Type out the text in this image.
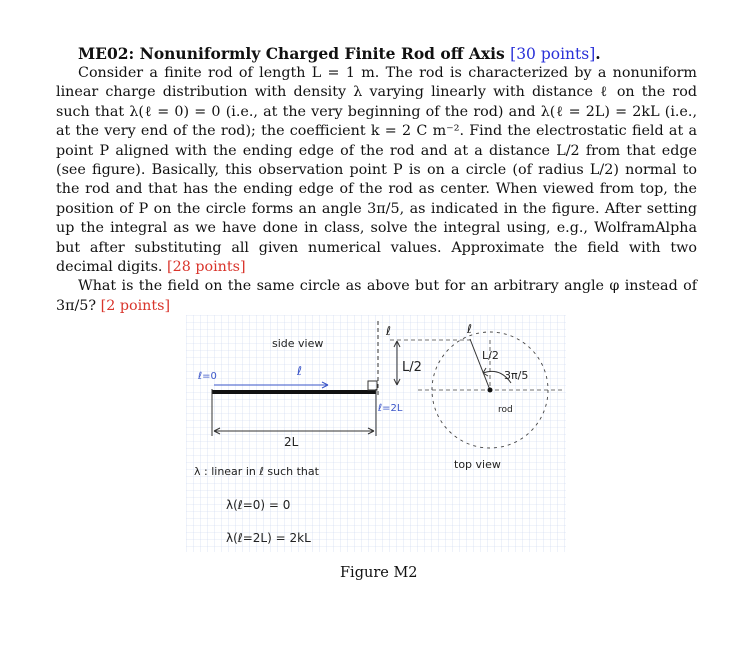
ME02: Nonuniformly Charged Finite Rod off Axis [30 points].

Consider a finite rod of length L = 1 m. The rod is characterized by a nonuniform linear charge distribution with density λ varying linearly with distance ℓ on the rod such that λ(ℓ = 0) = 0 (i.e., at the very beginning of the rod) and λ(ℓ = 2L) = 2kL (i.e., at the very end of the rod); the coefficient k = 2 C m⁻². Find the electrostatic field at a point P aligned with the ending edge of the rod and at a distance L/2 from that edge (see figure). Basically, this observation point P is on a circle (of radius L/2) normal to the rod and that has the ending edge of the rod as center. When viewed from top, the position of P on the circle forms an angle 3π/5, as indicated in the figure. After setting up the integral as we have done in class, solve the integral using, e.g., WolframAlpha but after substituting all given numerical values. Approximate the field with two decimal digits. [28 points]

What is the field on the same circle as above but for an arbitrary angle φ instead of 3π/5? [2 points]

side view
ℓ=0	ℓ
2L
ℓ
L/2
ℓ=2L
ℓ
L/2
3π/5
rod
top view
λ : linear in ℓ such that
λ(ℓ=0) = 0
λ(ℓ=2L) = 2kL
Figure M2
